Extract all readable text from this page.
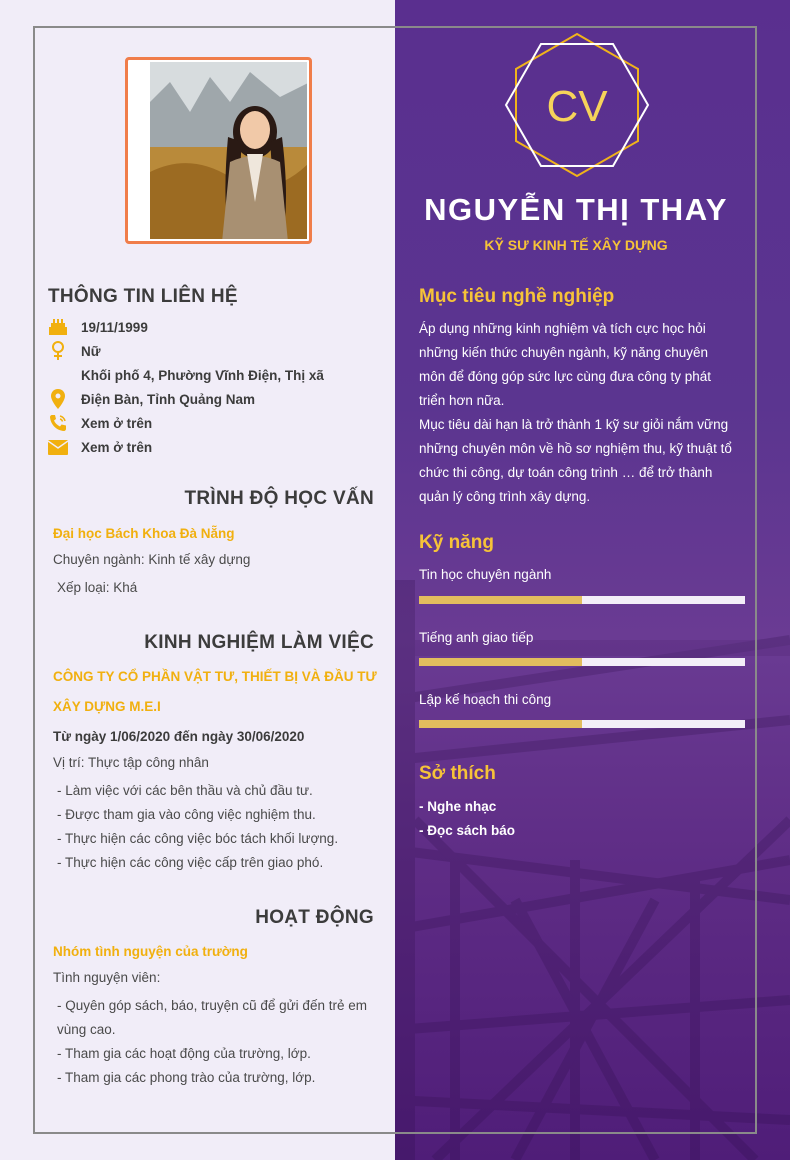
THÔNG TIN LIÊN HỆ
19/11/1999
Nữ
Khối phố 4, Phường Vĩnh Điện, Thị xã
Điện Bàn, Tỉnh Quảng Nam
Xem ở trên
Xem ở trên
TRÌNH ĐỘ HỌC VẤN
Đại học Bách Khoa Đà Nẵng
Chuyên ngành: Kinh tế xây dựng
Xếp loại: Khá
KINH NGHIỆM LÀM VIỆC
CÔNG TY CỔ PHẦN VẬT TƯ, THIẾT BỊ VÀ ĐẦU TƯ
XÂY DỰNG M.E.I
Từ ngày 1/06/2020 đến ngày 30/06/2020
Vị trí: Thực tập công nhân
- Làm việc với các bên thầu và chủ đầu tư.
- Được tham gia vào công việc nghiệm thu.
- Thực hiện các công việc bóc tách khối lượng.
- Thực hiện các công việc cấp trên giao phó.
HOẠT ĐỘNG
Nhóm tình nguyện của trường
Tình nguyện viên:
- Quyên góp sách, báo, truyện cũ để gửi đến trẻ em
vùng cao.
- Tham gia các hoạt động của trường, lớp.
- Tham gia các phong trào của trường, lớp.
CV
NGUYỄN THỊ THAY
KỸ SƯ KINH TẾ XÂY DỰNG
Mục tiêu nghề nghiệp
Áp dụng những kinh nghiệm và tích cực học hỏi
những kiến thức chuyên ngành, kỹ năng chuyên
môn để đóng góp sức lực cùng đưa công ty phát
triển hơn nữa.
Mục tiêu dài hạn là trở thành 1 kỹ sư giỏi nắm vững
những chuyên môn về hồ sơ nghiệm thu, kỹ thuật tổ
chức thi công, dự toán công trình … để trở thành
quản lý công trình xây dựng.
Kỹ năng
Tin học chuyên ngành
Tiếng anh giao tiếp
Lập kế hoạch thi công
Sở thích
- Nghe nhạc
- Đọc sách báo
